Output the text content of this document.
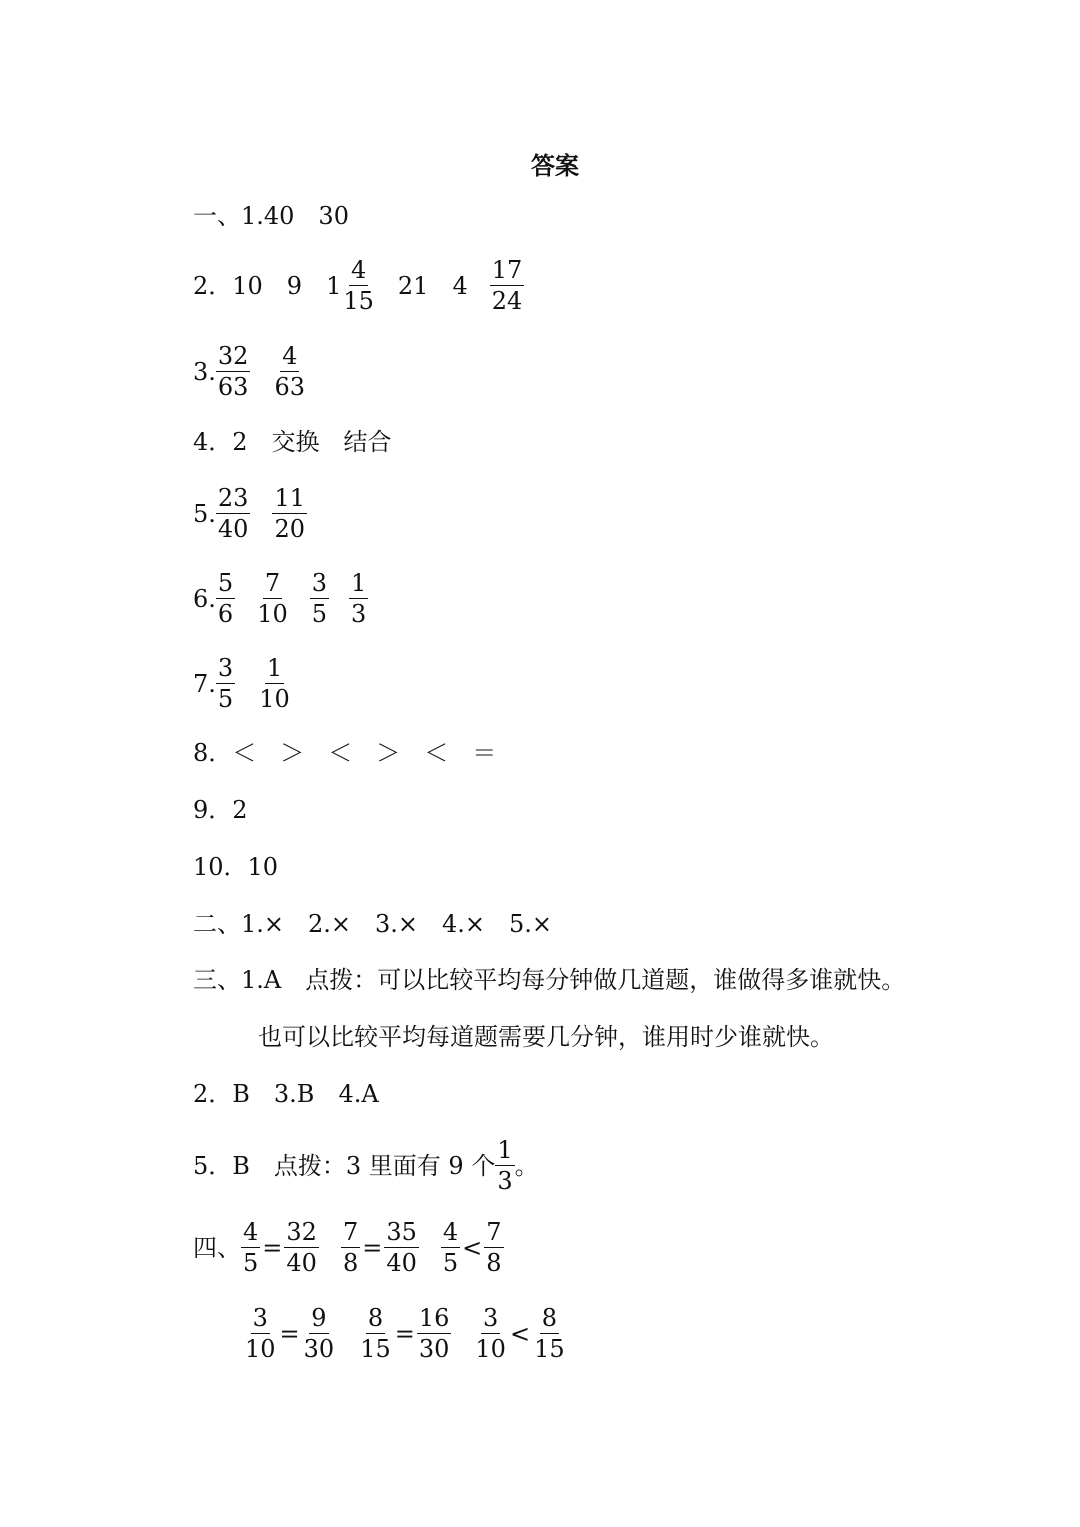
答案
一、1.40　30
2．10　9　$1 \frac{4}{15} 21$　$4 \frac{17}{24}$
3. $\frac{32}{63} \frac{4}{63}$
4．2　交换　结合
5. $\frac{23}{40} \frac{11}{20}$
6. $\frac{5}{6} \frac{7}{10} \frac{3}{5} \frac{1}{3}$
7. $\frac{3}{5} \frac{1}{10}$
8．＜　＞　＜　＞　＜　＝
9．2
10．10
二、1.×　2.×　3.×　4.×　5.×
三、1.A　点拨：可以比较平均每分钟做几道题，谁做得多谁就快。
也可以比较平均每道题需要几分钟，谁用时少谁就快。
2．B　3.B　4.A
5．B　点拨：3 里面有 9 个 $\frac{1}{3}$ 。
四、 $\frac{4}{5} = \frac{32}{40} \frac{7}{8} = \frac{35}{40} \frac{4}{5} < \frac{7}{8}$
$\frac{3}{10} = \frac{9}{30} \frac{8}{15} = \frac{16}{30} \frac{3}{10} < \frac{8}{15}$
